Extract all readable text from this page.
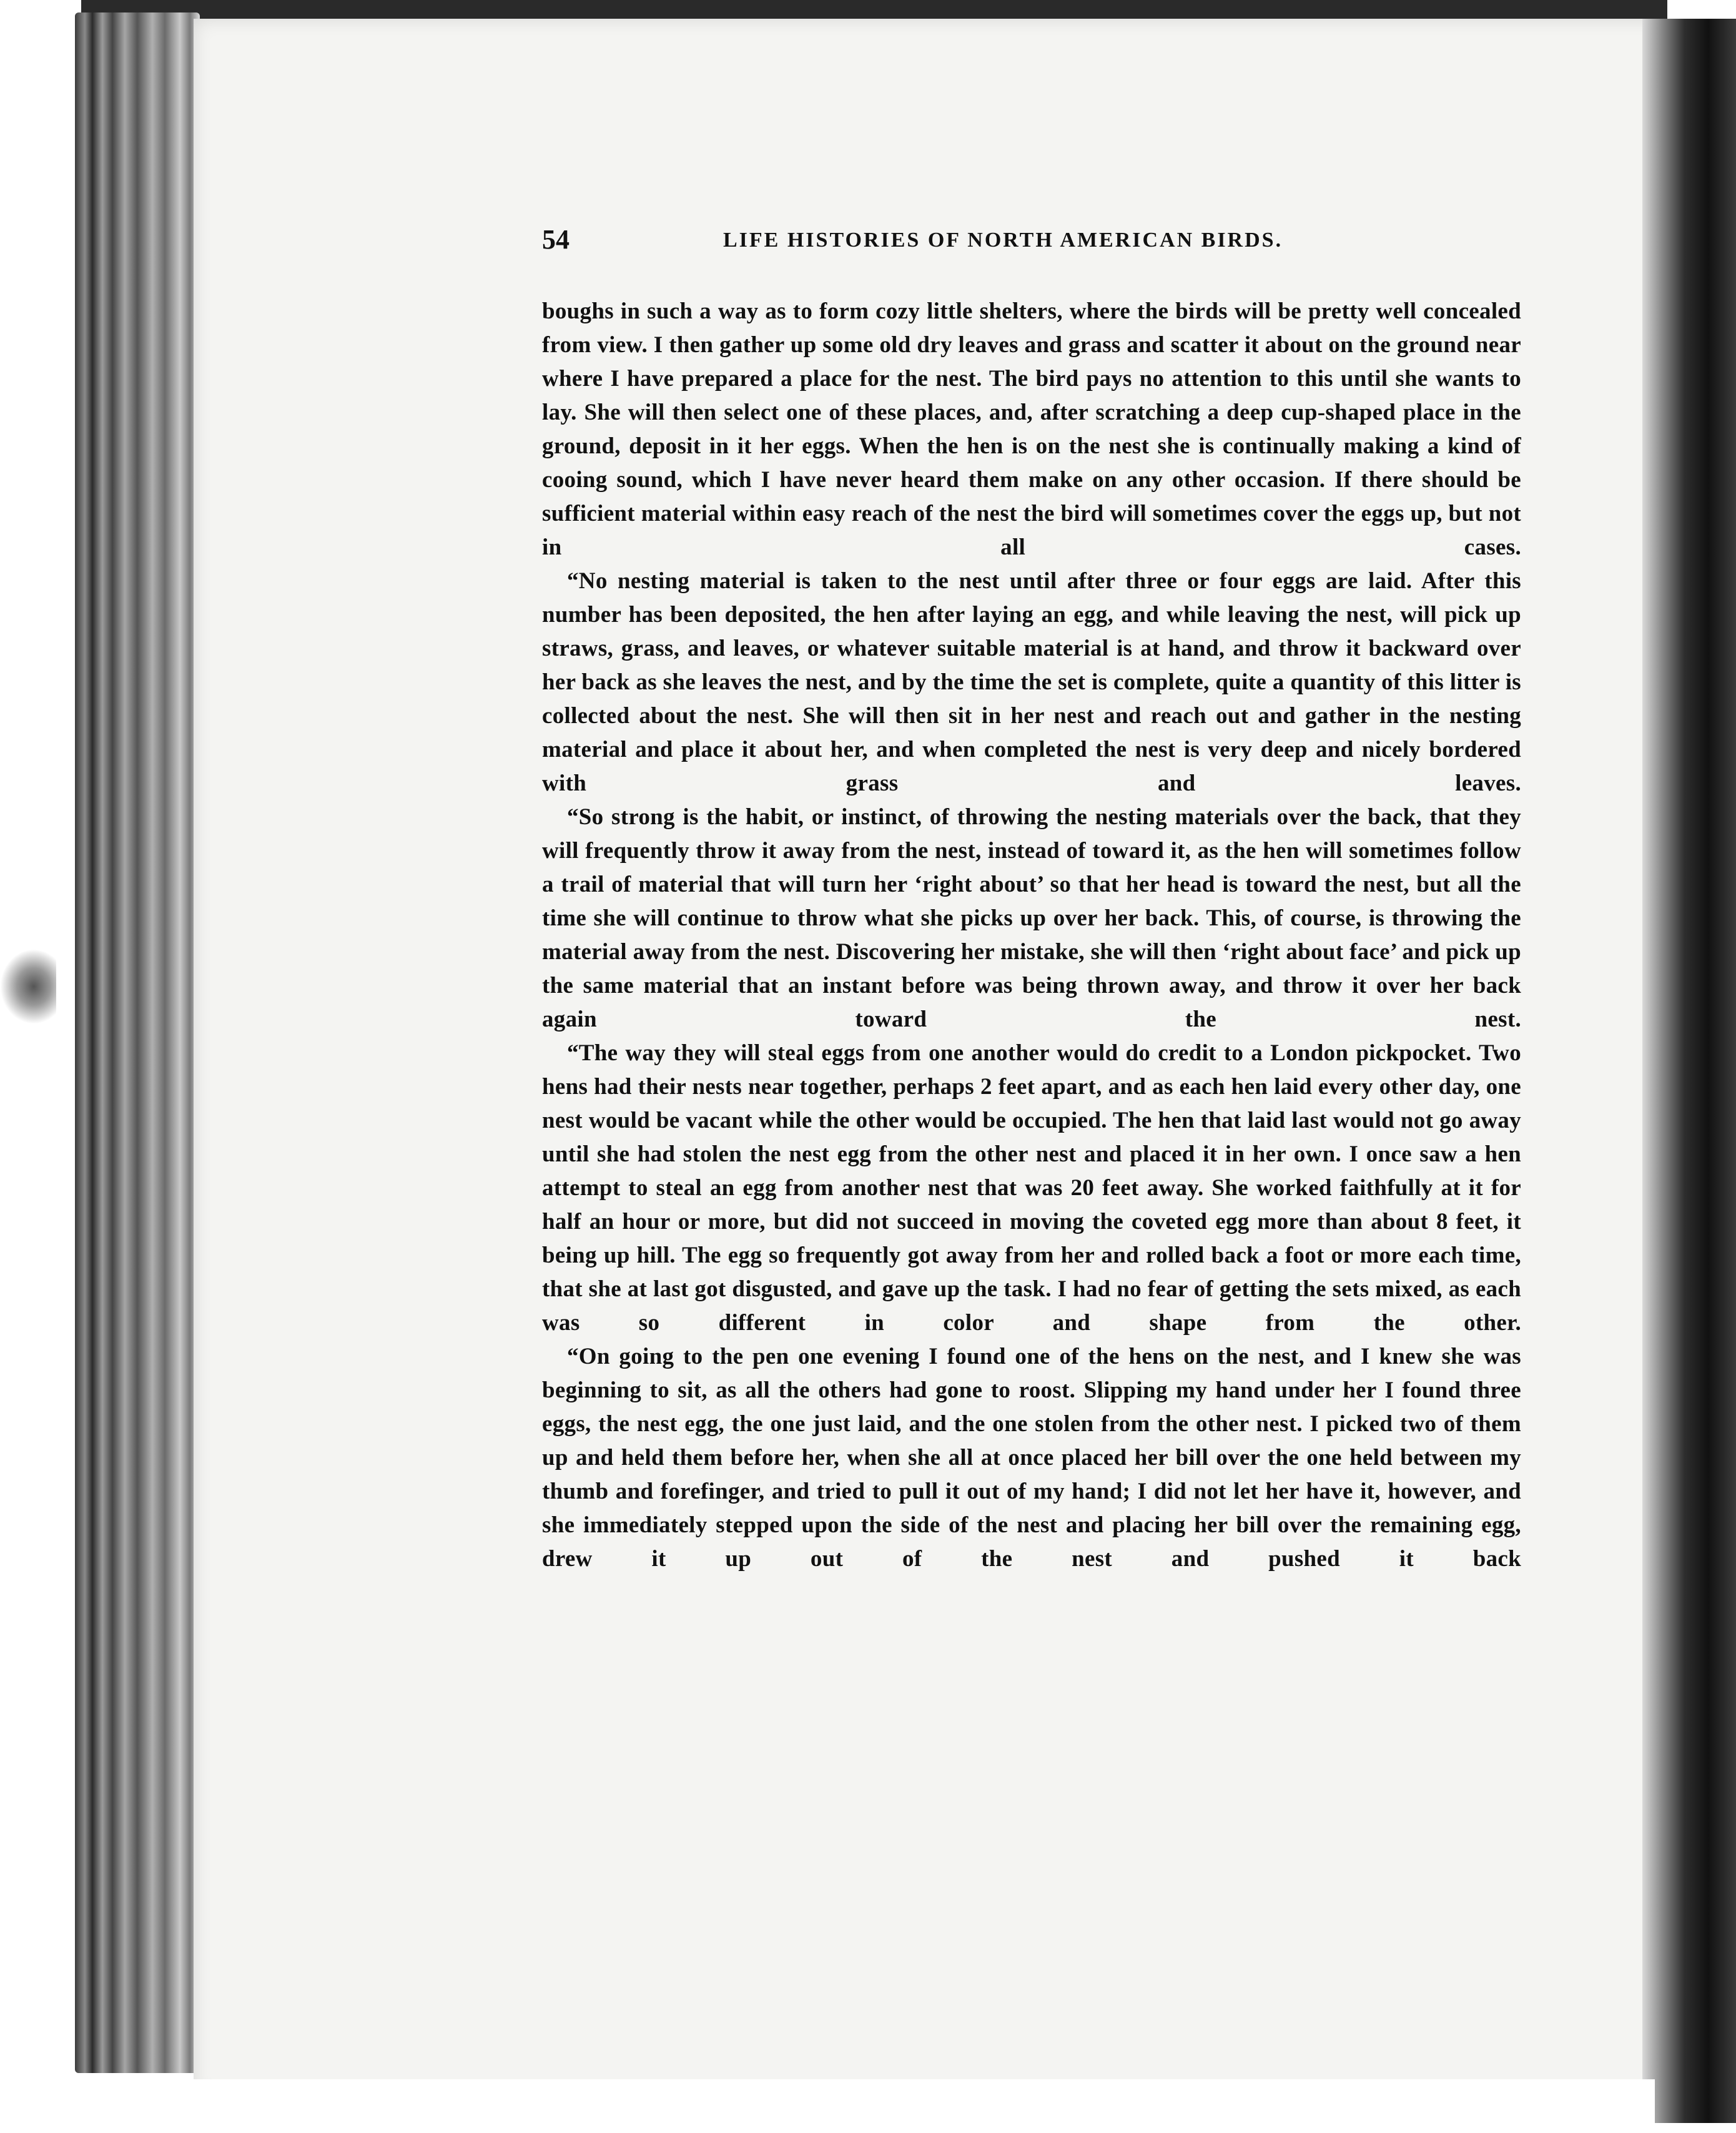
54	LIFE HISTORIES OF NORTH AMERICAN BIRDS.

boughs in such a way as to form cozy little shelters, where the birds will be pretty well concealed from view. I then gather up some old dry leaves and grass and scatter it about on the ground near where I have prepared a place for the nest. The bird pays no attention to this until she wants to lay. She will then select one of these places, and, after scratching a deep cup-shaped place in the ground, deposit in it her eggs. When the hen is on the nest she is continually making a kind of cooing sound, which I have never heard them make on any other occasion. If there should be sufficient material within easy reach of the nest the bird will sometimes cover the eggs up, but not in all cases.

“No nesting material is taken to the nest until after three or four eggs are laid. After this number has been deposited, the hen after laying an egg, and while leaving the nest, will pick up straws, grass, and leaves, or whatever suitable material is at hand, and throw it backward over her back as she leaves the nest, and by the time the set is complete, quite a quantity of this litter is collected about the nest. She will then sit in her nest and reach out and gather in the nesting material and place it about her, and when completed the nest is very deep and nicely bordered with grass and leaves.

“So strong is the habit, or instinct, of throwing the nesting materials over the back, that they will frequently throw it away from the nest, instead of toward it, as the hen will sometimes follow a trail of material that will turn her ‘right about’ so that her head is toward the nest, but all the time she will continue to throw what she picks up over her back. This, of course, is throwing the material away from the nest. Discovering her mistake, she will then ‘right about face’ and pick up the same material that an instant before was being thrown away, and throw it over her back again toward the nest.

“The way they will steal eggs from one another would do credit to a London pickpocket. Two hens had their nests near together, perhaps 2 feet apart, and as each hen laid every other day, one nest would be vacant while the other would be occupied. The hen that laid last would not go away until she had stolen the nest egg from the other nest and placed it in her own. I once saw a hen attempt to steal an egg from another nest that was 20 feet away. She worked faithfully at it for half an hour or more, but did not succeed in moving the coveted egg more than about 8 feet, it being up hill. The egg so frequently got away from her and rolled back a foot or more each time, that she at last got disgusted, and gave up the task. I had no fear of getting the sets mixed, as each was so different in color and shape from the other.

“On going to the pen one evening I found one of the hens on the nest, and I knew she was beginning to sit, as all the others had gone to roost. Slipping my hand under her I found three eggs, the nest egg, the one just laid, and the one stolen from the other nest. I picked two of them up and held them before her, when she all at once placed her bill over the one held between my thumb and forefinger, and tried to pull it out of my hand; I did not let her have it, however, and she immediately stepped upon the side of the nest and placing her bill over the remaining egg, drew it up out of the nest and pushed it back
